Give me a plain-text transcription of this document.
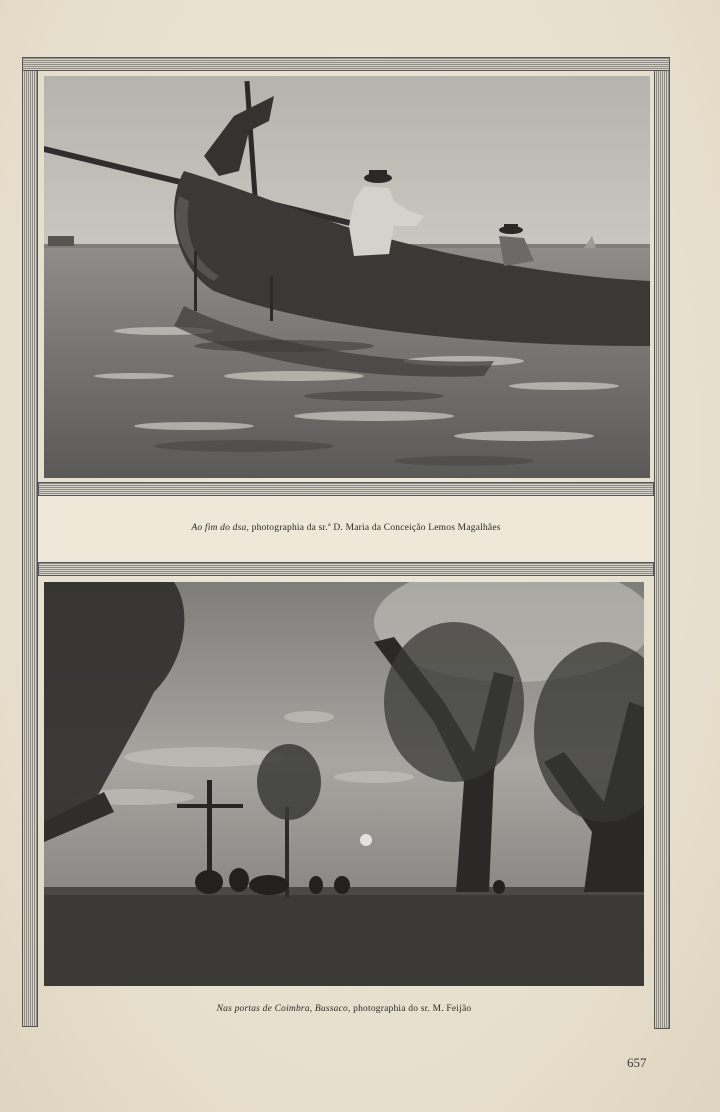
Ao fim do dsa, photographia da sr.ª D. Maria da Conceição Lemos Magalhães
Nas portas de Coimbra, Bussaco, photographia do sr. M. Feijão
657
